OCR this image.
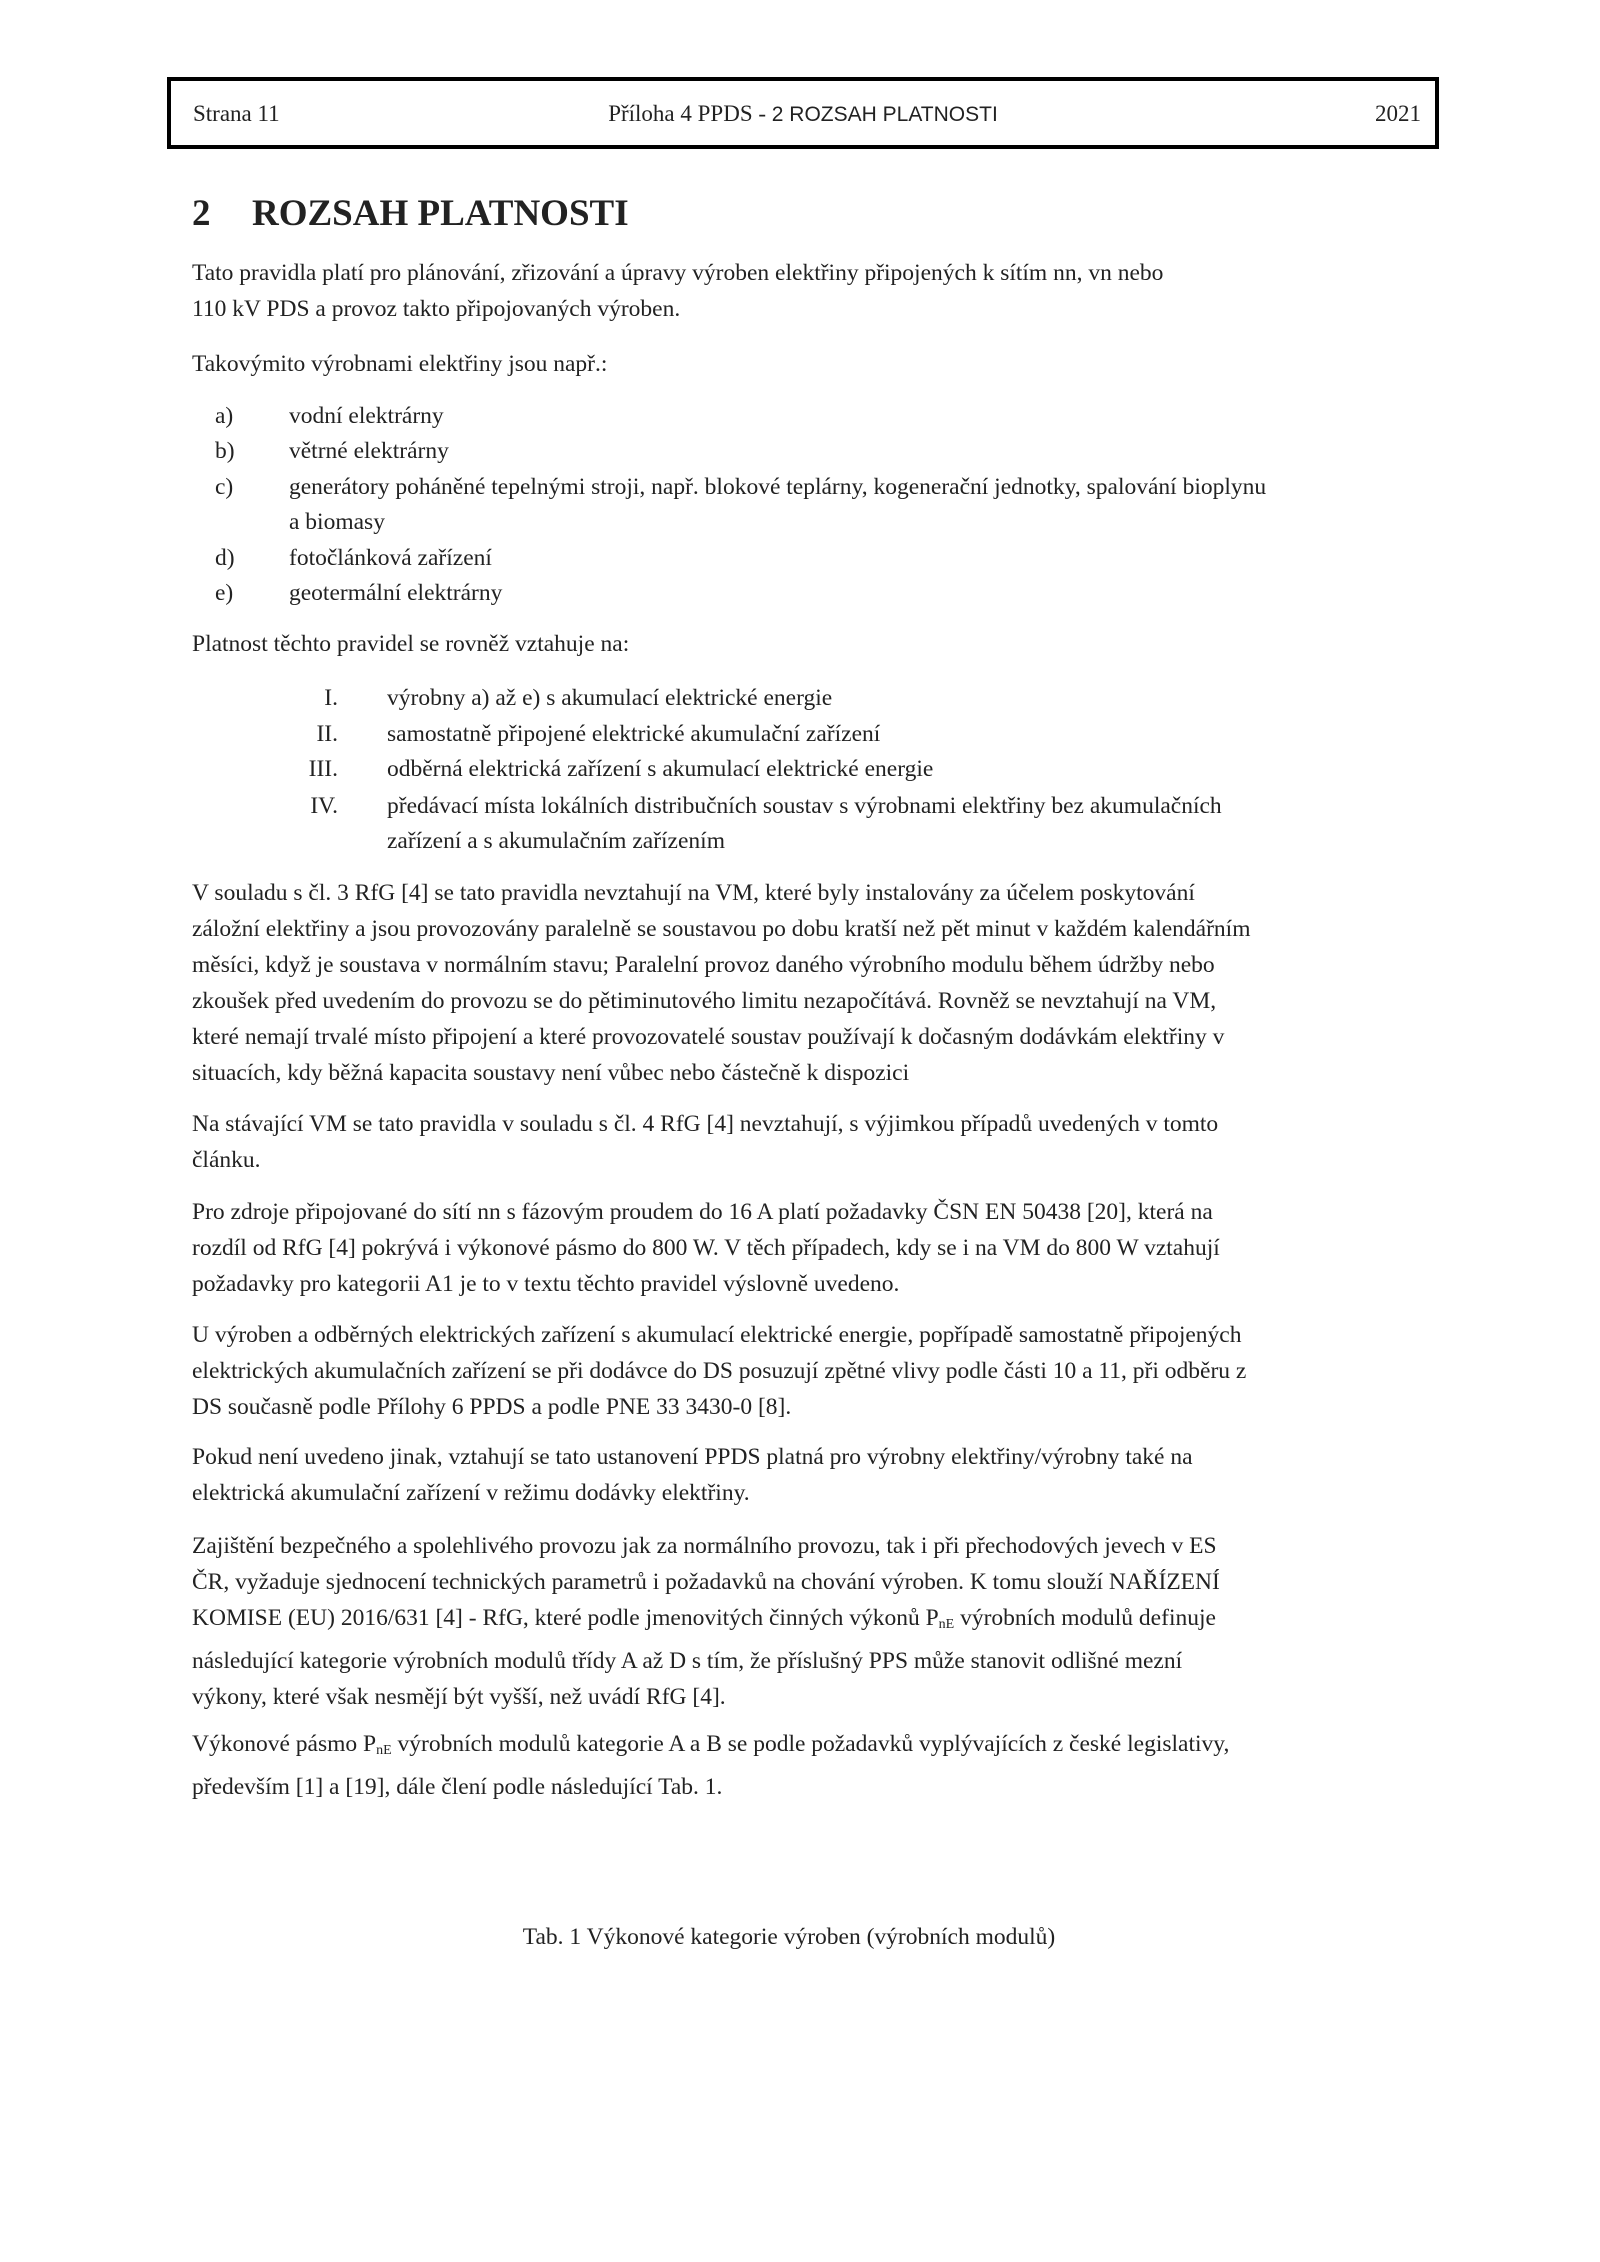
Strana 11	Příloha 4 PPDS - 2 ROZSAH PLATNOSTI	2021
2 ROZSAH PLATNOSTI
Tato pravidla platí pro plánování, zřizování a úpravy výroben elektřiny připojených k sítím nn, vn nebo
110 kV PDS a provoz takto připojovaných výroben.
Takovýmito výrobnami elektřiny jsou např.:
a) vodní elektrárny
b) větrné elektrárny
c) generátory poháněné tepelnými stroji, např. blokové teplárny, kogenerační jednotky, spalování bioplynu
a biomasy
d) fotočlánková zařízení
e) geotermální elektrárny
Platnost těchto pravidel se rovněž vztahuje na:
I. výrobny a) až e) s akumulací elektrické energie
II. samostatně připojené elektrické akumulační zařízení
III. odběrná elektrická zařízení s akumulací elektrické energie
IV. předávací místa lokálních distribučních soustav s výrobnami elektřiny bez akumulačních
zařízení a s akumulačním zařízením
V souladu s čl. 3 RfG [4] se tato pravidla nevztahují na VM, které byly instalovány za účelem poskytování
záložní elektřiny a jsou provozovány paralelně se soustavou po dobu kratší než pět minut v každém kalendářním
měsíci, když je soustava v normálním stavu; Paralelní provoz daného výrobního modulu během údržby nebo
zkoušek před uvedením do provozu se do pětiminutového limitu nezapočítává. Rovněž se nevztahují na VM,
které nemají trvalé místo připojení a které provozovatelé soustav používají k dočasným dodávkám elektřiny v
situacích, kdy běžná kapacita soustavy není vůbec nebo částečně k dispozici
Na stávající VM se tato pravidla v souladu s čl. 4 RfG [4] nevztahují, s výjimkou případů uvedených v tomto
článku.
Pro zdroje připojované do sítí nn s fázovým proudem do 16 A platí požadavky ČSN EN 50438 [20], která na
rozdíl od RfG [4] pokrývá i výkonové pásmo do 800 W. V těch případech, kdy se i na VM do 800 W vztahují
požadavky pro kategorii A1 je to v textu těchto pravidel výslovně uvedeno.
U výroben a odběrných elektrických zařízení s akumulací elektrické energie, popřípadě samostatně připojených
elektrických akumulačních zařízení se při dodávce do DS posuzují zpětné vlivy podle části 10 a 11, při odběru z
DS současně podle Přílohy 6 PPDS a podle PNE 33 3430-0 [8].
Pokud není uvedeno jinak, vztahují se tato ustanovení PPDS platná pro výrobny elektřiny/výrobny také na
elektrická akumulační zařízení v režimu dodávky elektřiny.
Zajištění bezpečného a spolehlivého provozu jak za normálního provozu, tak i při přechodových jevech v ES
ČR, vyžaduje sjednocení technických parametrů i požadavků na chování výroben. K tomu slouží NAŘÍZENÍ
KOMISE (EU) 2016/631 [4] - RfG, které podle jmenovitých činných výkonů $P_{nE}$ výrobních modulů definuje
následující kategorie výrobních modulů třídy A až D s tím, že příslušný PPS může stanovit odlišné mezní
výkony, které však nesmějí být vyšší, než uvádí RfG [4].
Výkonové pásmo $P_{nE}$ výrobních modulů kategorie A a B se podle požadavků vyplývajících z české legislativy,
především [1] a [19], dále člení podle následující Tab. 1.
Tab. 1 Výkonové kategorie výroben (výrobních modulů)
